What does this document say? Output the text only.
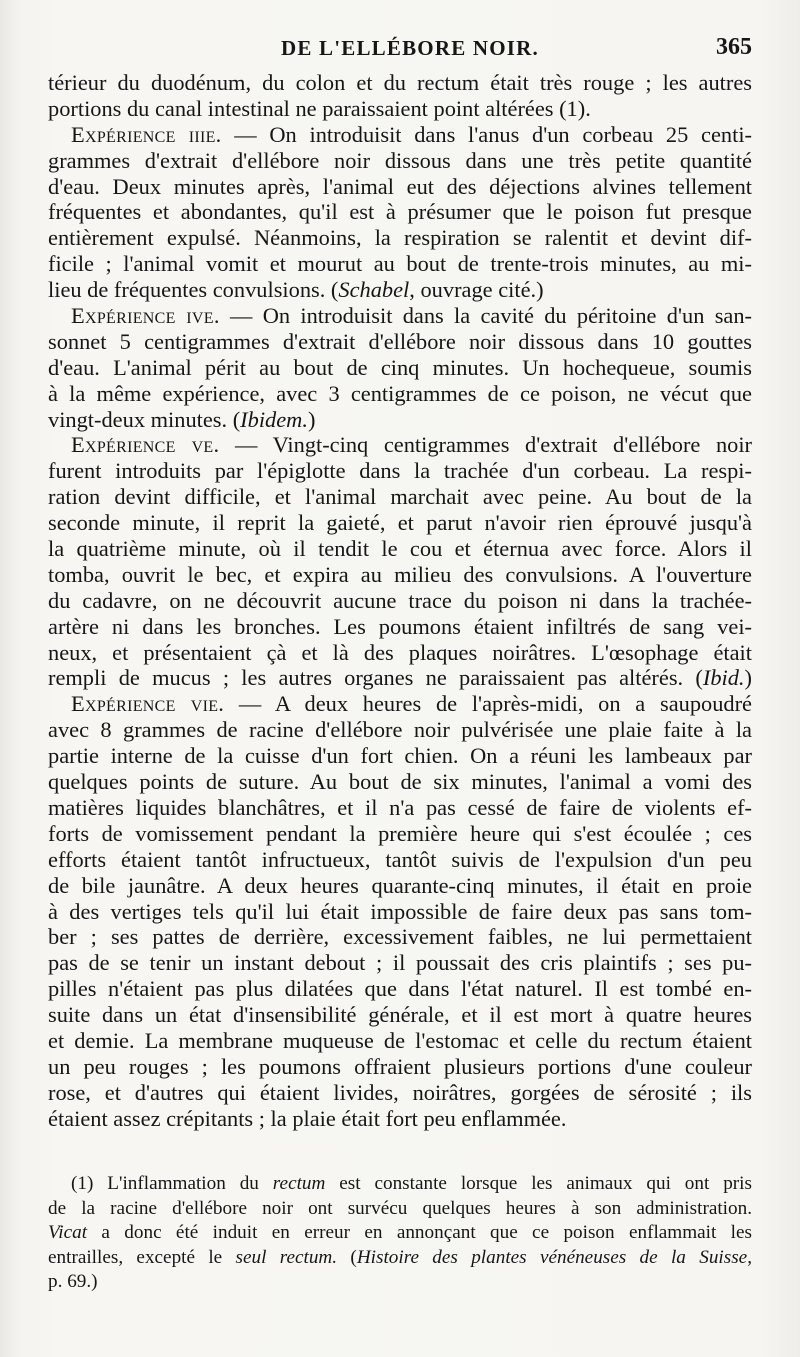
DE L'ELLÉBORE NOIR.	365
térieur du duodénum, du colon et du rectum était très rouge ; les autres
portions du canal intestinal ne paraissaient point altérées (1).
Expérience iiie. — On introduisit dans l'anus d'un corbeau 25 centi-
grammes d'extrait d'ellébore noir dissous dans une très petite quantité
d'eau. Deux minutes après, l'animal eut des déjections alvines tellement
fréquentes et abondantes, qu'il est à présumer que le poison fut presque
entièrement expulsé. Néanmoins, la respiration se ralentit et devint dif-
ficile ; l'animal vomit et mourut au bout de trente-trois minutes, au mi-
lieu de fréquentes convulsions. (Schabel, ouvrage cité.)
Expérience ive. — On introduisit dans la cavité du péritoine d'un san-
sonnet 5 centigrammes d'extrait d'ellébore noir dissous dans 10 gouttes
d'eau. L'animal périt au bout de cinq minutes. Un hochequeue, soumis
à la même expérience, avec 3 centigrammes de ce poison, ne vécut que
vingt-deux minutes. (Ibidem.)
Expérience ve. — Vingt-cinq centigrammes d'extrait d'ellébore noir
furent introduits par l'épiglotte dans la trachée d'un corbeau. La respi-
ration devint difficile, et l'animal marchait avec peine. Au bout de la
seconde minute, il reprit la gaieté, et parut n'avoir rien éprouvé jusqu'à
la quatrième minute, où il tendit le cou et éternua avec force. Alors il
tomba, ouvrit le bec, et expira au milieu des convulsions. A l'ouverture
du cadavre, on ne découvrit aucune trace du poison ni dans la trachée-
artère ni dans les bronches. Les poumons étaient infiltrés de sang vei-
neux, et présentaient çà et là des plaques noirâtres. L'œsophage était
rempli de mucus ; les autres organes ne paraissaient pas altérés. (Ibid.)
Expérience vie. — A deux heures de l'après-midi, on a saupoudré
avec 8 grammes de racine d'ellébore noir pulvérisée une plaie faite à la
partie interne de la cuisse d'un fort chien. On a réuni les lambeaux par
quelques points de suture. Au bout de six minutes, l'animal a vomi des
matières liquides blanchâtres, et il n'a pas cessé de faire de violents ef-
forts de vomissement pendant la première heure qui s'est écoulée ; ces
efforts étaient tantôt infructueux, tantôt suivis de l'expulsion d'un peu
de bile jaunâtre. A deux heures quarante-cinq minutes, il était en proie
à des vertiges tels qu'il lui était impossible de faire deux pas sans tom-
ber ; ses pattes de derrière, excessivement faibles, ne lui permettaient
pas de se tenir un instant debout ; il poussait des cris plaintifs ; ses pu-
pilles n'étaient pas plus dilatées que dans l'état naturel. Il est tombé en-
suite dans un état d'insensibilité générale, et il est mort à quatre heures
et demie. La membrane muqueuse de l'estomac et celle du rectum étaient
un peu rouges ; les poumons offraient plusieurs portions d'une couleur
rose, et d'autres qui étaient livides, noirâtres, gorgées de sérosité ; ils
étaient assez crépitants ; la plaie était fort peu enflammée.
(1) L'inflammation du rectum est constante lorsque les animaux qui ont pris
de la racine d'ellébore noir ont survécu quelques heures à son administration.
Vicat a donc été induit en erreur en annonçant que ce poison enflammait les
entrailles, excepté le seul rectum. (Histoire des plantes vénéneuses de la Suisse,
p. 69.)
